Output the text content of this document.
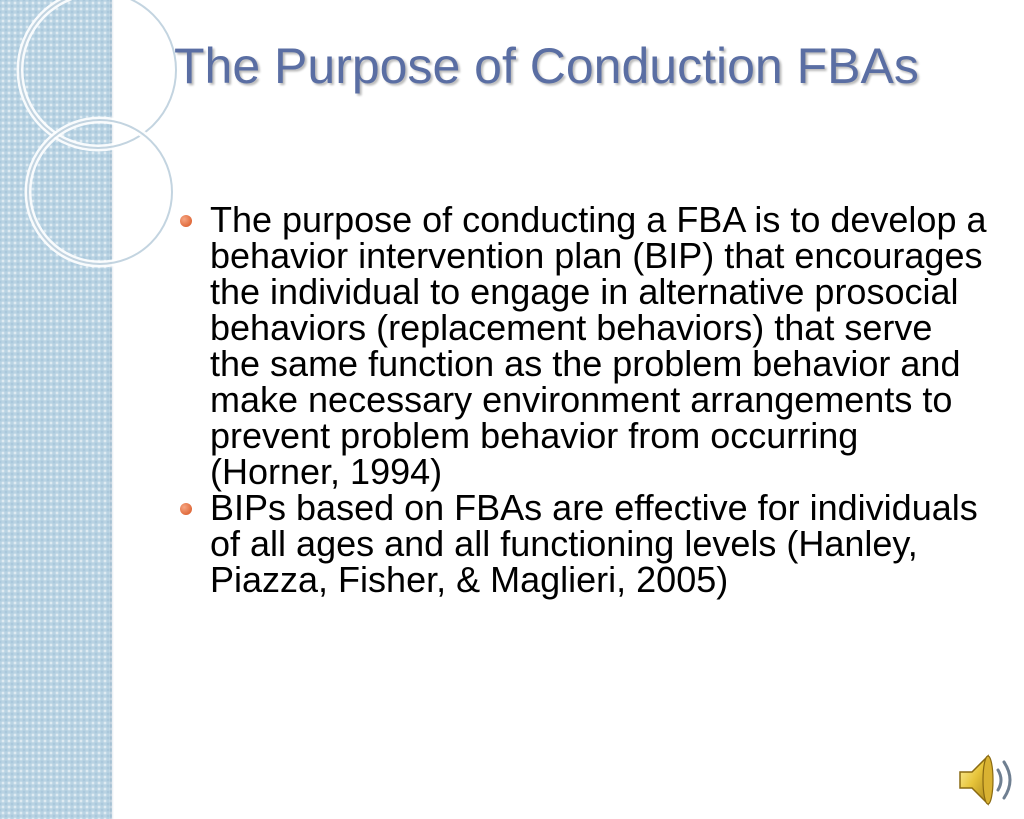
The Purpose of Conduction FBAs
The purpose of conducting a FBA is to develop a behavior intervention plan (BIP) that encourages the individual to engage in alternative prosocial behaviors (replacement behaviors) that serve the same function as the problem behavior and make necessary environment arrangements to prevent problem behavior from occurring (Horner, 1994)
BIPs based on FBAs are effective for individuals of all ages and all functioning levels (Hanley, Piazza, Fisher, & Maglieri, 2005)
